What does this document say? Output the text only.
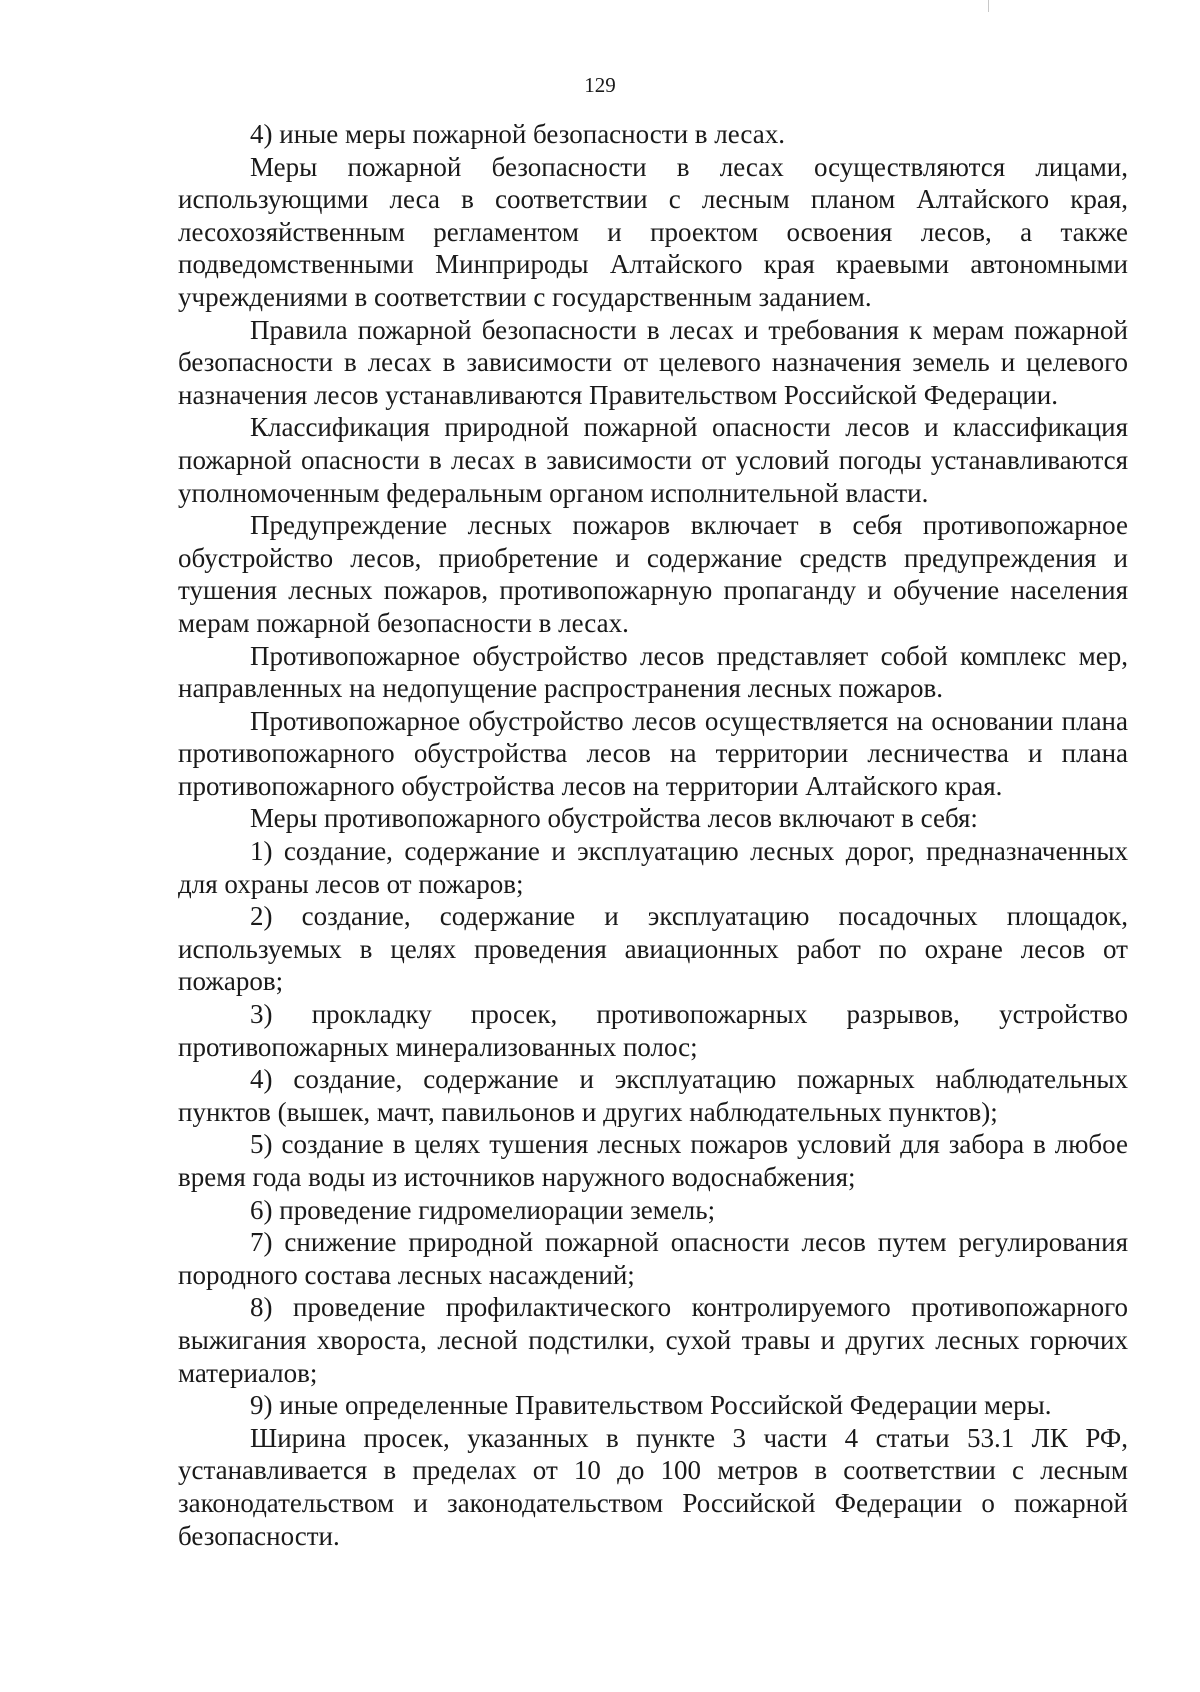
129

4) иные меры пожарной безопасности в лесах.

Меры пожарной безопасности в лесах осуществляются лицами, использующими леса в соответствии с лесным планом Алтайского края, лесохозяйственным регламентом и проектом освоения лесов, а также подведомственными Минприроды Алтайского края краевыми автономными учреждениями в соответствии с государственным заданием.

Правила пожарной безопасности в лесах и требования к мерам пожарной безопасности в лесах в зависимости от целевого назначения земель и целевого назначения лесов устанавливаются Правительством Российской Федерации.

Классификация природной пожарной опасности лесов и классификация пожарной опасности в лесах в зависимости от условий погоды устанавливаются уполномоченным федеральным органом исполнительной власти.

Предупреждение лесных пожаров включает в себя противопожарное обустройство лесов, приобретение и содержание средств предупреждения и тушения лесных пожаров, противопожарную пропаганду и обучение населения мерам пожарной безопасности в лесах.

Противопожарное обустройство лесов представляет собой комплекс мер, направленных на недопущение распространения лесных пожаров.

Противопожарное обустройство лесов осуществляется на основании плана противопожарного обустройства лесов на территории лесничества и плана противопожарного обустройства лесов на территории Алтайского края.

Меры противопожарного обустройства лесов включают в себя:

1) создание, содержание и эксплуатацию лесных дорог, предназначенных для охраны лесов от пожаров;

2) создание, содержание и эксплуатацию посадочных площадок, используемых в целях проведения авиационных работ по охране лесов от пожаров;

3) прокладку просек, противопожарных разрывов, устройство противопожарных минерализованных полос;

4) создание, содержание и эксплуатацию пожарных наблюдательных пунктов (вышек, мачт, павильонов и других наблюдательных пунктов);

5) создание в целях тушения лесных пожаров условий для забора в любое время года воды из источников наружного водоснабжения;

6) проведение гидромелиорации земель;

7) снижение природной пожарной опасности лесов путем регулирования породного состава лесных насаждений;

8) проведение профилактического контролируемого противопожарного выжигания хвороста, лесной подстилки, сухой травы и других лесных горючих материалов;

9) иные определенные Правительством Российской Федерации меры.

Ширина просек, указанных в пункте 3 части 4 статьи 53.1 ЛК РФ, устанавливается в пределах от 10 до 100 метров в соответствии с лесным законодательством и законодательством Российской Федерации о пожарной безопасности.
